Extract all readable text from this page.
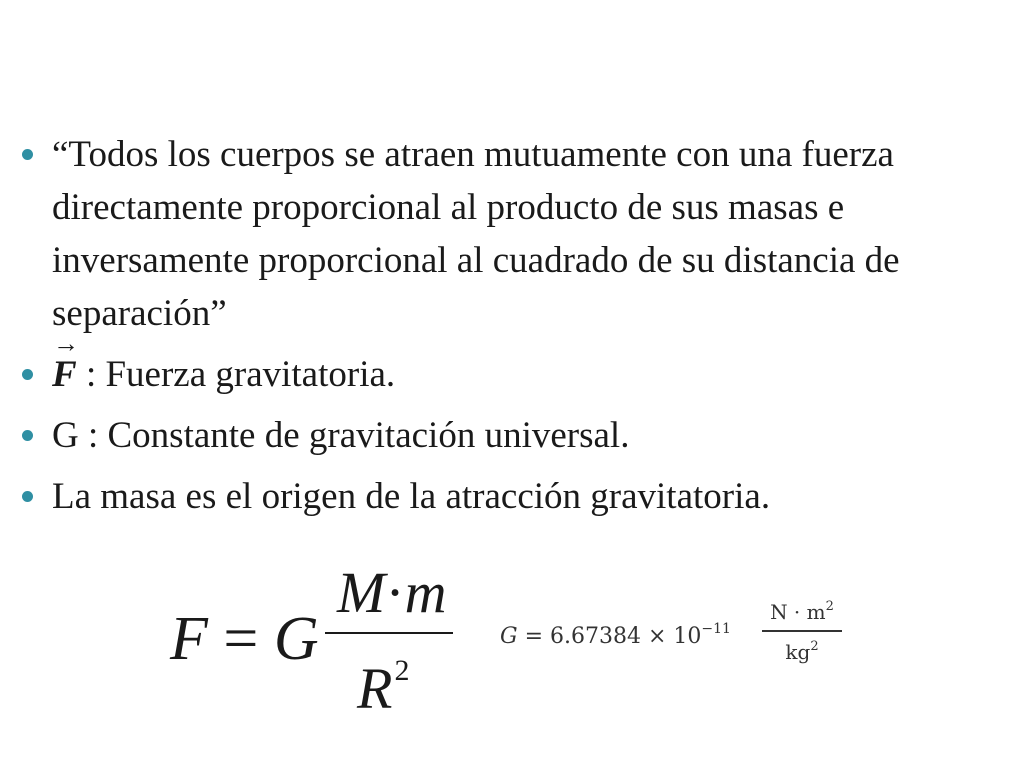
“Todos los cuerpos se atraen mutuamente con una fuerza directamente proporcional al producto de sus masas e inversamente proporcional al cuadrado de su distancia de separación”
F
→
: Fuerza gravitatoria.
G : Constante de gravitación universal.
La masa es el origen de la atracción gravitatoria.
F = G
M·m
$R^2$
$G = 6.67384 \times 10^{-11}$
$N \cdot m^2$
$kg^2$
